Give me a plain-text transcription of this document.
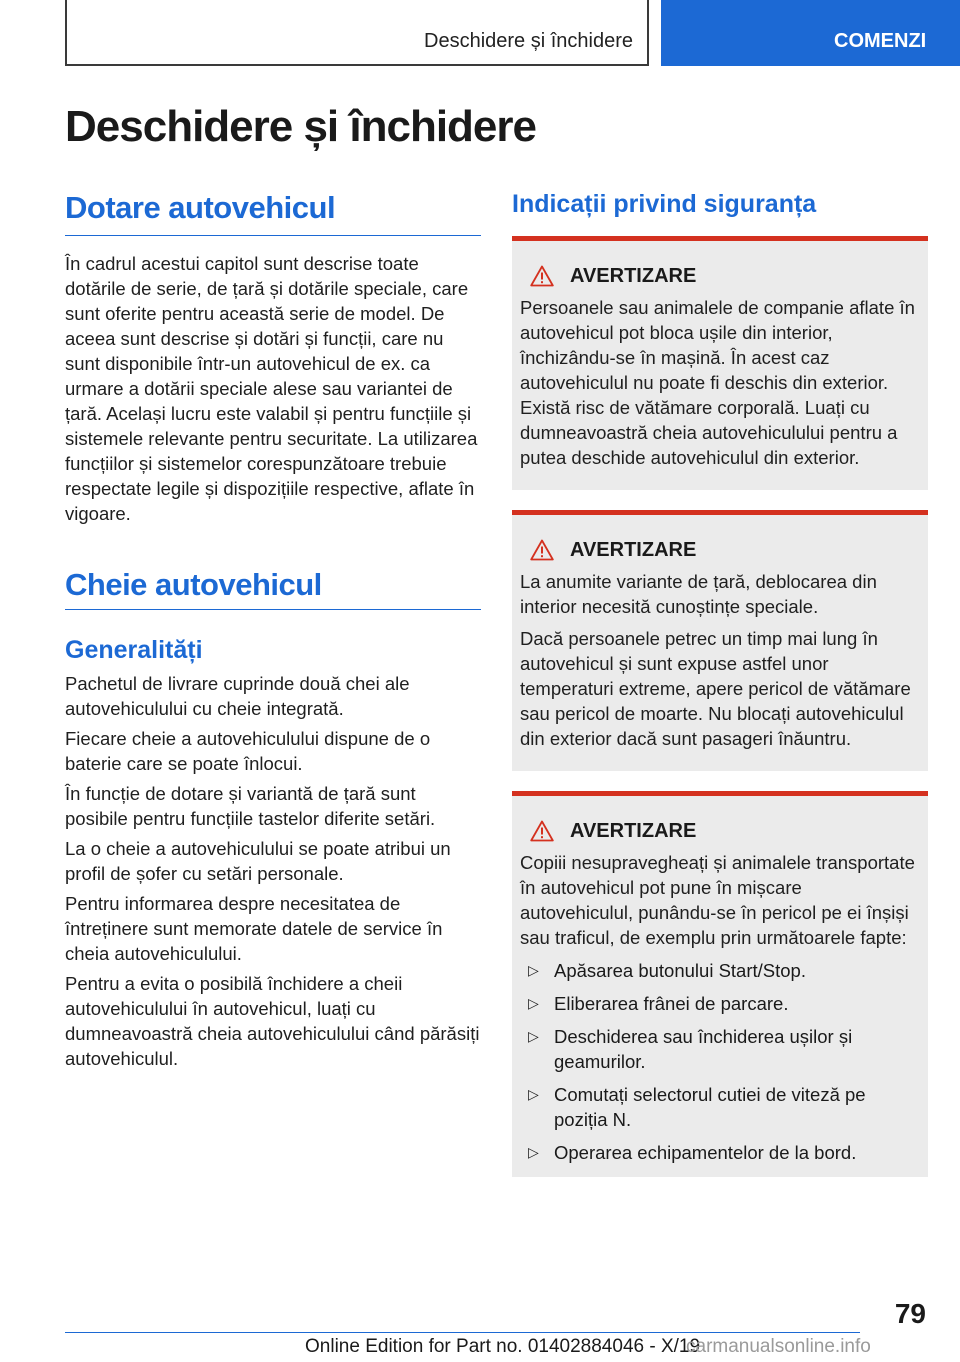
Deschidere și închidere	COMENZI
Deschidere și închidere
Dotare autovehicul

În cadrul acestui capitol sunt descrise toate dotările de serie, de țară și dotările speciale, care sunt oferite pentru această serie de model. De aceea sunt descrise și dotări și funcții, care nu sunt disponibile într-un autovehicul de ex. ca urmare a dotării speciale alese sau variantei de țară. Același lucru este valabil și pentru funcțiile și sistemele relevante pentru securitate. La utilizarea funcțiilor și sistemelor corespunzătoare trebuie respectate legile și dispozițiile respective, aflate în vigoare.

Cheie autovehicul
Generalități

Pachetul de livrare cuprinde două chei ale autovehiculului cu cheie integrată.

Fiecare cheie a autovehiculului dispune de o baterie care se poate înlocui.

În funcție de dotare și variantă de țară sunt posibile pentru funcțiile tastelor diferite setări.

La o cheie a autovehiculului se poate atribui un profil de șofer cu setări personale.

Pentru informarea despre necesitatea de întreținere sunt memorate datele de service în cheia autovehiculului.

Pentru a evita o posibilă închidere a cheii autovehiculului în autovehicul, luați cu dumneavoastră cheia autovehiculului când părăsiți autovehiculul.

Indicații privind siguranța
AVERTIZARE

Persoanele sau animalele de companie aflate în autovehicul pot bloca ușile din interior, închizându-se în mașină. În acest caz autovehiculul nu poate fi deschis din exterior. Există risc de vătămare corporală. Luați cu dumneavoastră cheia autovehiculului pentru a putea deschide autovehiculul din exterior.

AVERTIZARE

La anumite variante de țară, deblocarea din interior necesită cunoștințe speciale.

Dacă persoanele petrec un timp mai lung în autovehicul și sunt expuse astfel unor temperaturi extreme, apere pericol de vătămare sau pericol de moarte. Nu blocați autovehiculul din exterior dacă sunt pasageri înăuntru.

AVERTIZARE

Copiii nesupravegheați și animalele transportate în autovehicul pot pune în mișcare autovehiculul, punându-se în pericol pe ei înșiși sau traficul, de exemplu prin următoarele fapte:

▷ Apăsarea butonului Start/Stop.
▷ Eliberarea frânei de parcare.
▷ Deschiderea sau închiderea ușilor și geamurilor.
▷ Comutați selectorul cutiei de viteză pe poziția N.
▷ Operarea echipamentelor de la bord.
79
Online Edition for Part no. 01402884046 - X/19
carmanualsonline.info
